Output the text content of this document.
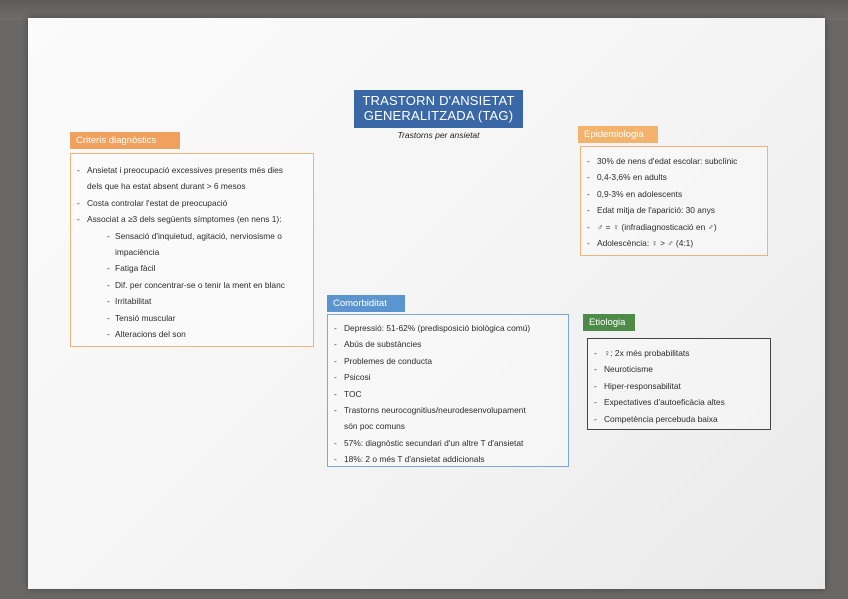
TRASTORN D'ANSIETAT
GENERALITZADA (TAG)
Trastorns per ansietat
Criteris diagnòstics
- Ansietat i preocupació excessives presents més dies
dels que ha estat absent durant > 6 mesos
- Costa controlar l'estat de preocupació
- Associat a ≥3 dels següents símptomes (en nens 1):
- Sensació d'inquietud, agitació, nerviosisme o
impaciència
- Fatiga fàcil
- Dif. per concentrar-se o tenir la ment en blanc
- Irritabilitat
- Tensió muscular
- Alteracions del son
Epidemiologia
- 30% de nens d'edat escolar: subclínic
- 0,4-3,6% en adults
- 0,9-3% en adolescents
- Edat mitja de l'aparició: 30 anys
- ♂ = ♀ (infradiagnosticació en ♂)
- Adolescència: ♀ > ♂ (4:1)
Comorbiditat
- Depressió: 51-62% (predisposició biològica comú)
- Abús de substàncies
- Problemes de conducta
- Psicosi
- TOC
- Trastorns neurocognitius/neurodesenvolupament
són poc comuns
- 57%: diagnòstic secundari d'un altre T d'ansietat
- 18%: 2 o més T d'ansietat addicionals
Etiologia
- ♀: 2x més probabilitats
- Neuroticisme
- Hiper-responsabilitat
- Expectatives d'autoeficàcia altes
- Competència percebuda baixa
